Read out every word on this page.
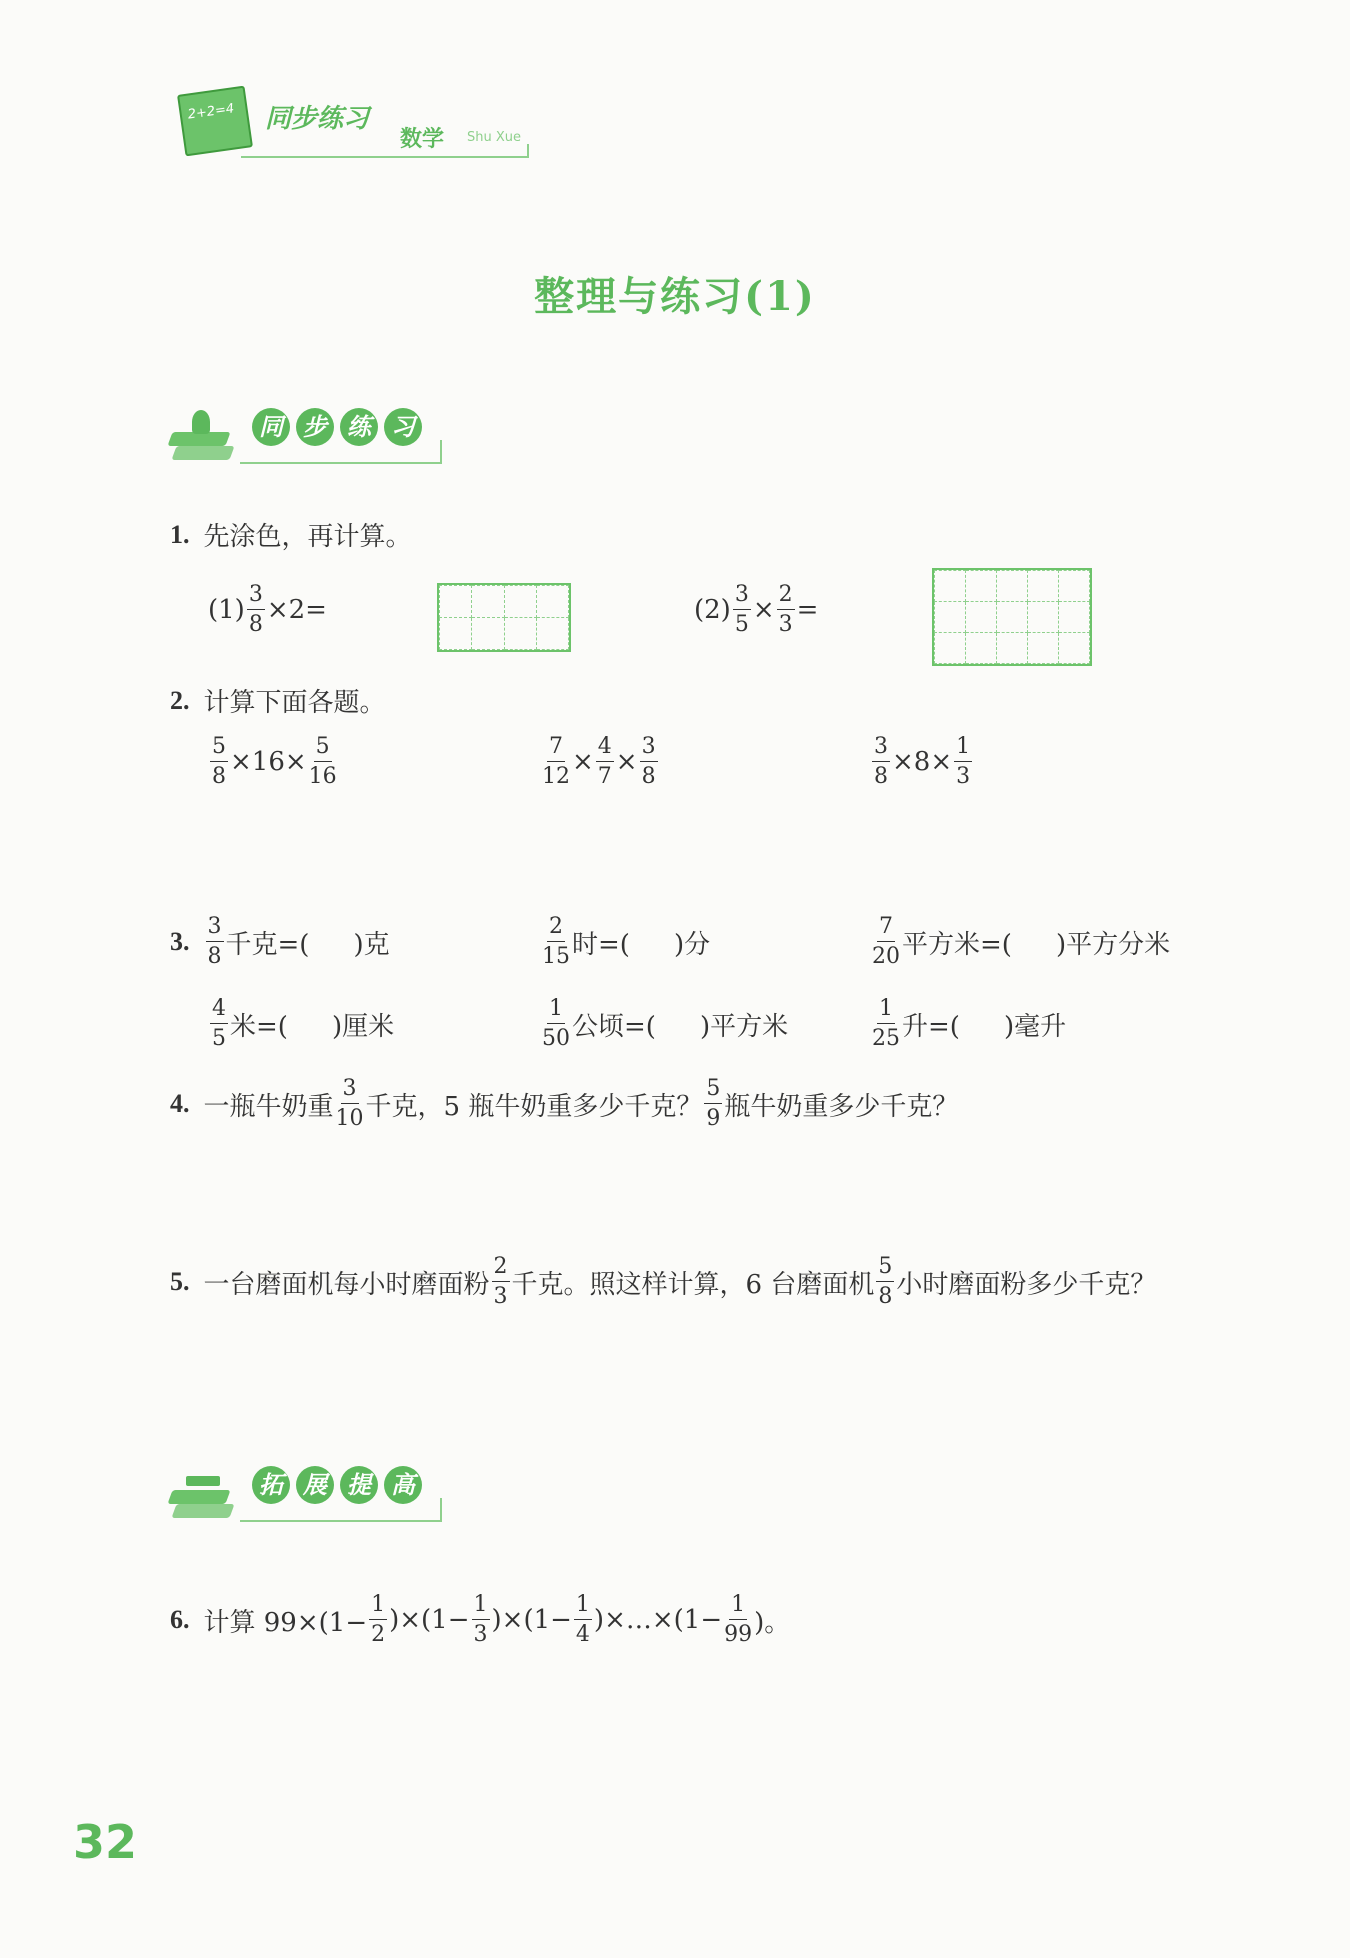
2+2=4 同步练习
数学 Shu Xue
整理与练习(1)
同 步 练 习
1. 先涂色，再计算。
$(1) \frac{3}{8} \times 2=$

				$(2) \frac{3}{5} \times \frac{2}{3}$ =

2. 计算下面各题。
$\frac{5}{8} \times 16\times \frac{5}{16}$	$\frac{7}{12} \times \frac{4}{7} \times \frac{3}{8}$	$\frac{3}{8} \times 8\times \frac{1}{3}$
3. $\frac{3}{8}$ 千克=( )克	$\frac{2}{15}$ 时=( )分	$\frac{7}{20}$ 平方米=( )平方分米
$\frac{4}{5}$ 米=( )厘米	$\frac{1}{50}$ 公顷=( )平方米	$\frac{1}{25}$ 升=( )毫升
4. 一瓶牛奶重 $\frac{3}{10}$ 千克，5 瓶牛奶重多少千克？ $\frac{5}{9}$ 瓶牛奶重多少千克？
5. 一台磨面机每小时磨面粉 $\frac{2}{3}$ 千克。照这样计算，6 台磨面机 $\frac{5}{8}$ 小时磨面粉多少千克？
拓 展 提 高
6. 计算 $99\times(1- \frac{1}{2} )\times(1- \frac{1}{3} )\times(1- \frac{1}{4}$ )×…×(1− $\frac{1}{99}$ )。
32
